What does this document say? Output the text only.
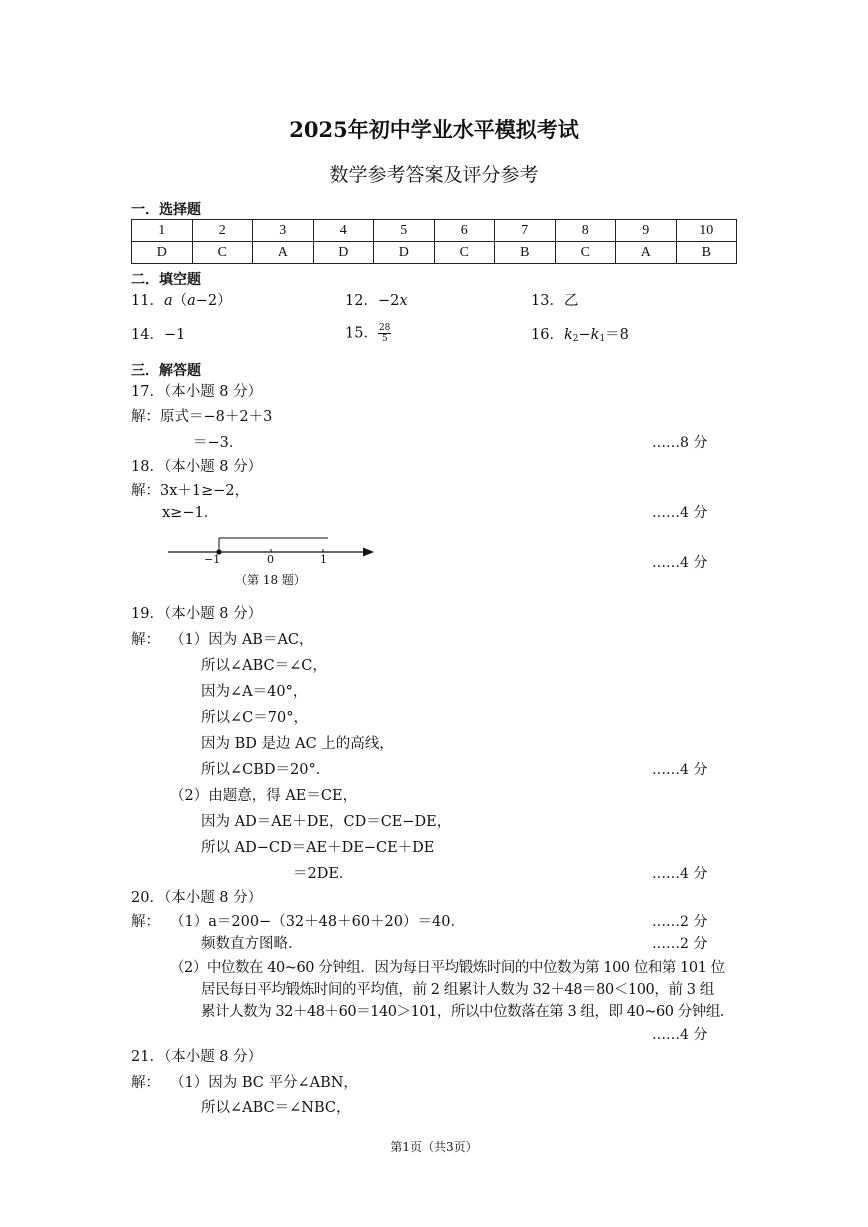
2025年初中学业水平模拟考试
数学参考答案及评分参考
一．选择题
1	2	3	4	5	6	7	8	9	10
D	C	A	D	D	C	B	C	A	B
二．填空题
11．a（a−2）	12．−2x	13．乙
14．−1	15． $\frac{28}{5}$	16．$k_2-k_1=8$
三．解答题
17．（本小题 8 分）
解：原式＝−8＋2＋3
＝−3．	……8 分
18．（本小题 8 分）
解：3x＋1≥−2，
x≥−1．	……4 分
−1	0	1
（第 18 题）
……4 分
19．（本小题 8 分）
解： （1）因为 AB＝AC，
所以∠ABC＝∠C，
因为∠A＝40°，
所以∠C＝70°，
因为 BD 是边 AC 上的高线，
所以∠CBD＝20°．	……4 分
（2）由题意，得 AE＝CE，
因为 AD＝AE＋DE，CD＝CE−DE，
所以 AD−CD＝AE＋DE−CE＋DE
＝2DE．	……4 分
20．（本小题 8 分）
解： （1）a＝200−（32＋48＋60＋20）＝40．	……2 分
频数直方图略．	……2 分
（2）中位数在 40~60 分钟组．因为每日平均锻炼时间的中位数为第 100 位和第 101 位
居民每日平均锻炼时间的平均值，前 2 组累计人数为 32＋48＝80＜100，前 3 组
累计人数为 32＋48＋60＝140＞101，所以中位数落在第 3 组，即 40~60 分钟组．
……4 分
21．（本小题 8 分）
解： （1）因为 BC 平分∠ABN，
所以∠ABC＝∠NBC，
第1页（共3页）
